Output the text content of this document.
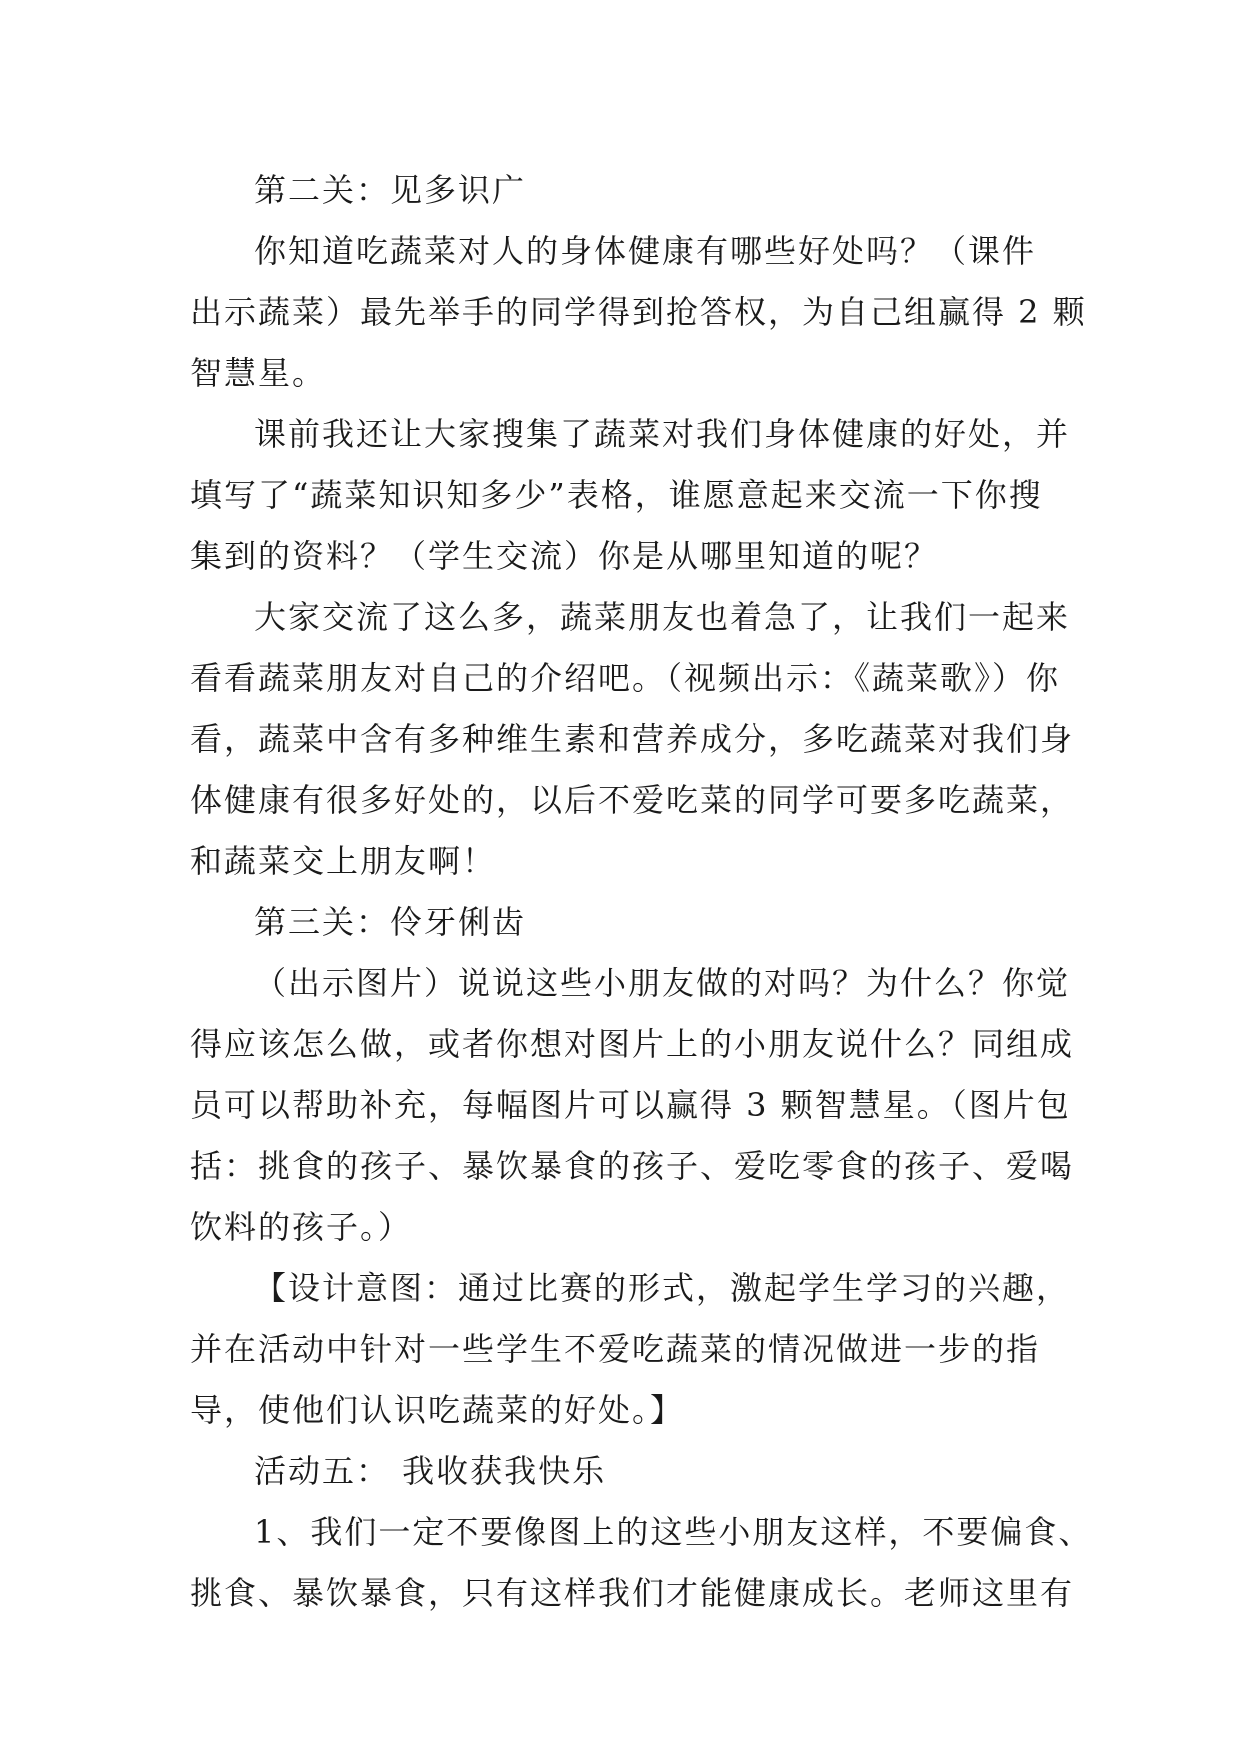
第二关：见多识广
你知道吃蔬菜对人的身体健康有哪些好处吗？（课件
出示蔬菜）最先举手的同学得到抢答权，为自己组赢得 2 颗
智慧星。
课前我还让大家搜集了蔬菜对我们身体健康的好处，并
填写了“蔬菜知识知多少”表格，谁愿意起来交流一下你搜
集到的资料？（学生交流）你是从哪里知道的呢？
大家交流了这么多，蔬菜朋友也着急了，让我们一起来
看看蔬菜朋友对自己的介绍吧。（视频出示：《蔬菜歌》）你
看，蔬菜中含有多种维生素和营养成分，多吃蔬菜对我们身
体健康有很多好处的，以后不爱吃菜的同学可要多吃蔬菜，
和蔬菜交上朋友啊！
第三关：伶牙俐齿
（出示图片）说说这些小朋友做的对吗？为什么？你觉
得应该怎么做，或者你想对图片上的小朋友说什么？同组成
员可以帮助补充，每幅图片可以赢得 3 颗智慧星。（图片包
括：挑食的孩子、暴饮暴食的孩子、爱吃零食的孩子、爱喝
饮料的孩子。）
【设计意图：通过比赛的形式，激起学生学习的兴趣，
并在活动中针对一些学生不爱吃蔬菜的情况做进一步的指
导，使他们认识吃蔬菜的好处。】
活动五： 我收获我快乐
1、我们一定不要像图上的这些小朋友这样，不要偏食、
挑食、暴饮暴食，只有这样我们才能健康成长。老师这里有
